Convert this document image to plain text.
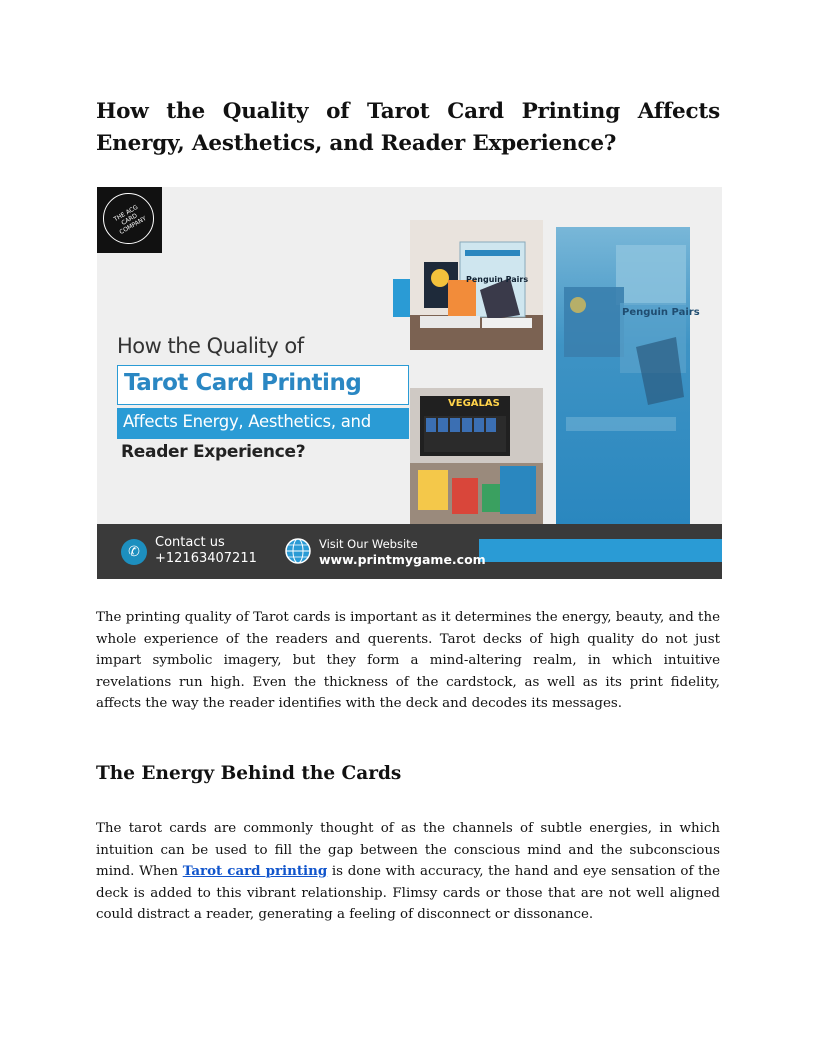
How the Quality of Tarot Card Printing Affects Energy, Aesthetics, and Reader Experience?
THE ACG CARD COMPANY
How the Quality of
Tarot Card Printing
Affects Energy, Aesthetics, and
Reader Experience?
Penguin Pairs
VEGALAS
Penguin Pairs
✆
Contact us
+12163407211
Visit Our Website
www.printmygame.com

The printing quality of Tarot cards is important as it determines the energy, beauty, and the whole experience of the readers and querents. Tarot decks of high quality do not just impart symbolic imagery, but they form a mind-altering realm, in which intuitive revelations run high. Even the thickness of the cardstock, as well as its print fidelity, affects the way the reader identifies with the deck and decodes its messages.

The Energy Behind the Cards

The tarot cards are commonly thought of as the channels of subtle energies, in which intuition can be used to fill the gap between the conscious mind and the subconscious mind. When Tarot card printing is done with accuracy, the hand and eye sensation of the deck is added to this vibrant relationship. Flimsy cards or those that are not well aligned could distract a reader, generating a feeling of disconnect or dissonance.
